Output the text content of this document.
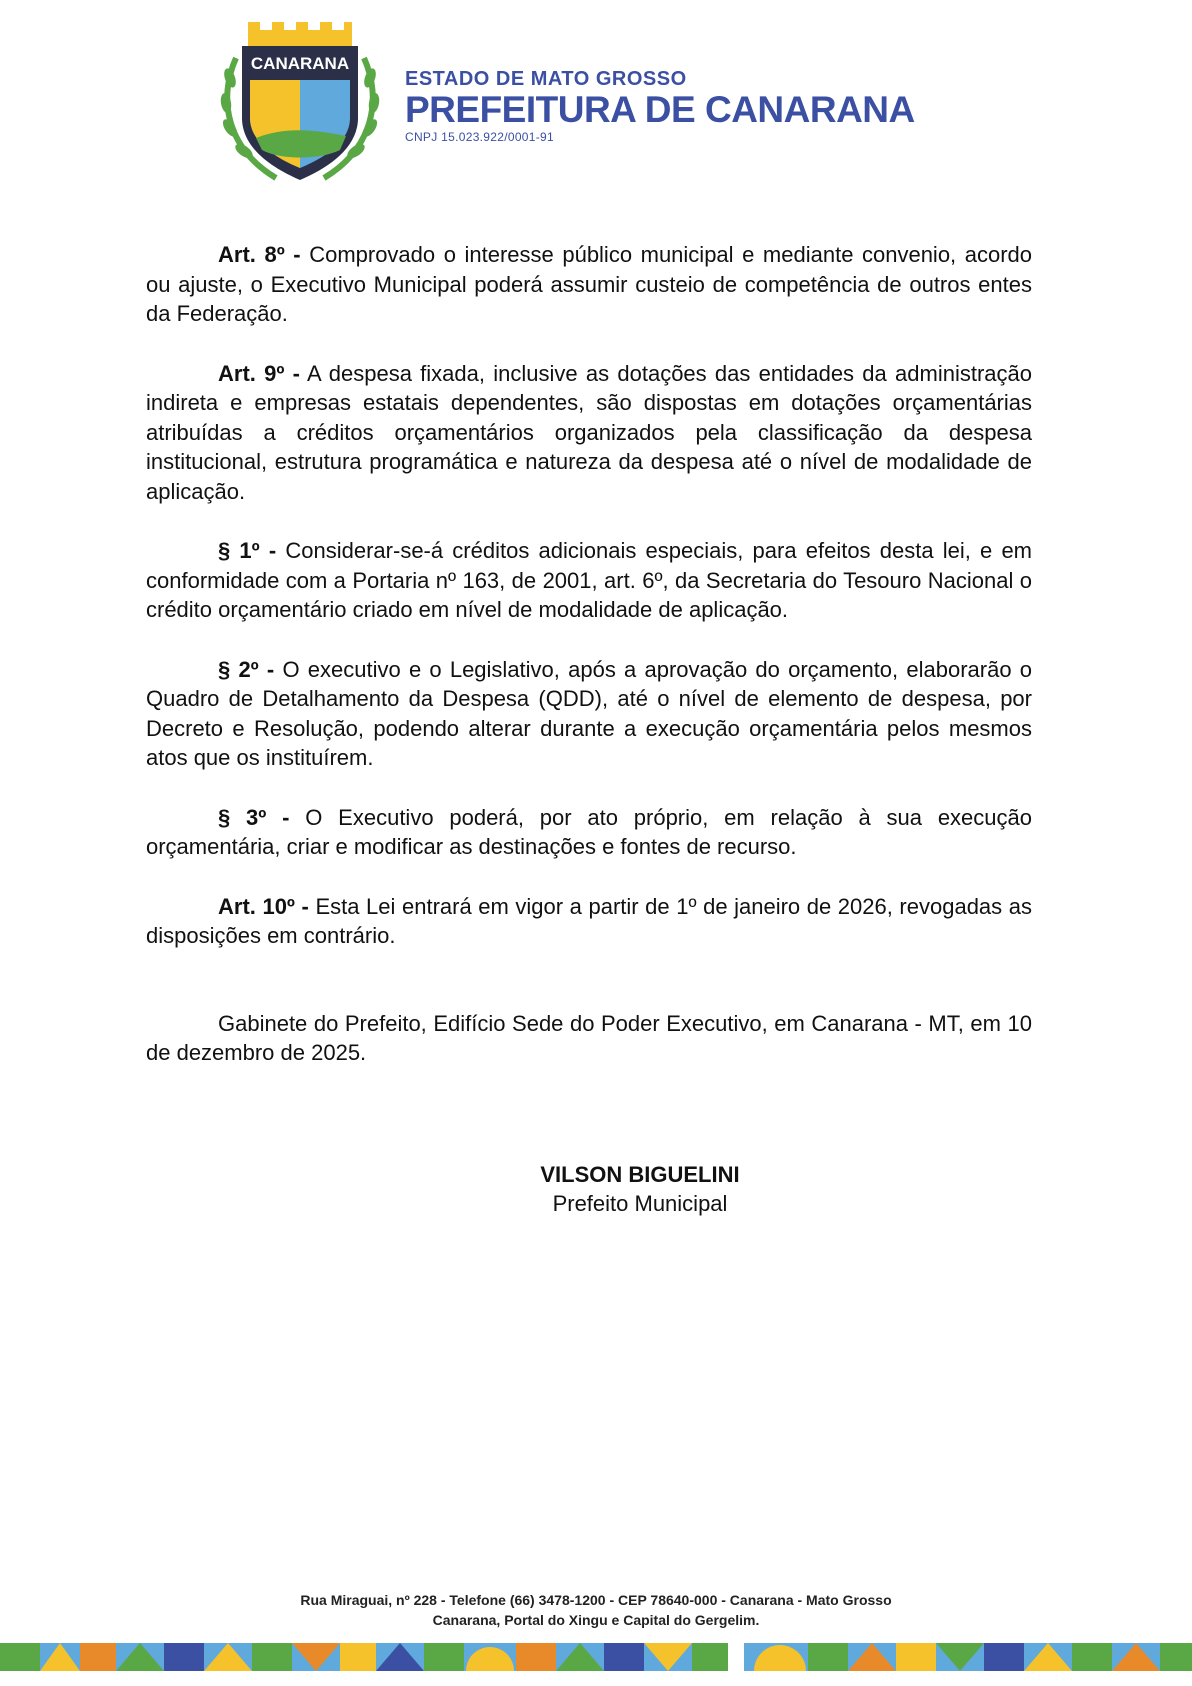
CANARANA
ESTADO DE MATO GROSSO
PREFEITURA DE CANARANA
CNPJ 15.023.922/0001-91

Art. 8º - Comprovado o interesse público municipal e mediante convenio, acordo ou ajuste, o Executivo Municipal poderá assumir custeio de competência de outros entes da Federação.

Art. 9º - A despesa fixada, inclusive as dotações das entidades da administração indireta e empresas estatais dependentes, são dispostas em dotações orçamentárias atribuídas a créditos orçamentários organizados pela classificação da despesa institucional, estrutura programática e natureza da despesa até o nível de modalidade de aplicação.

§ 1º - Considerar-se-á créditos adicionais especiais, para efeitos desta lei, e em conformidade com a Portaria nº 163, de 2001, art. 6º, da Secretaria do Tesouro Nacional o crédito orçamentário criado em nível de modalidade de aplicação.

§ 2º - O executivo e o Legislativo, após a aprovação do orçamento, elaborarão o Quadro de Detalhamento da Despesa (QDD), até o nível de elemento de despesa, por Decreto e Resolução, podendo alterar durante a execução orçamentária pelos mesmos atos que os instituírem.

§ 3º - O Executivo poderá, por ato próprio, em relação à sua execução orçamentária, criar e modificar as destinações e fontes de recurso.

Art. 10º - Esta Lei entrará em vigor a partir de 1º de janeiro de 2026, revogadas as disposições em contrário.

Gabinete do Prefeito, Edifício Sede do Poder Executivo, em Canarana - MT, em 10 de dezembro de 2025.

VILSON BIGUELINI
Prefeito Municipal
Rua Miraguai, nº 228 - Telefone (66) 3478-1200 - CEP 78640-000 - Canarana - Mato Grosso
Canarana, Portal do Xingu e Capital do Gergelim.
